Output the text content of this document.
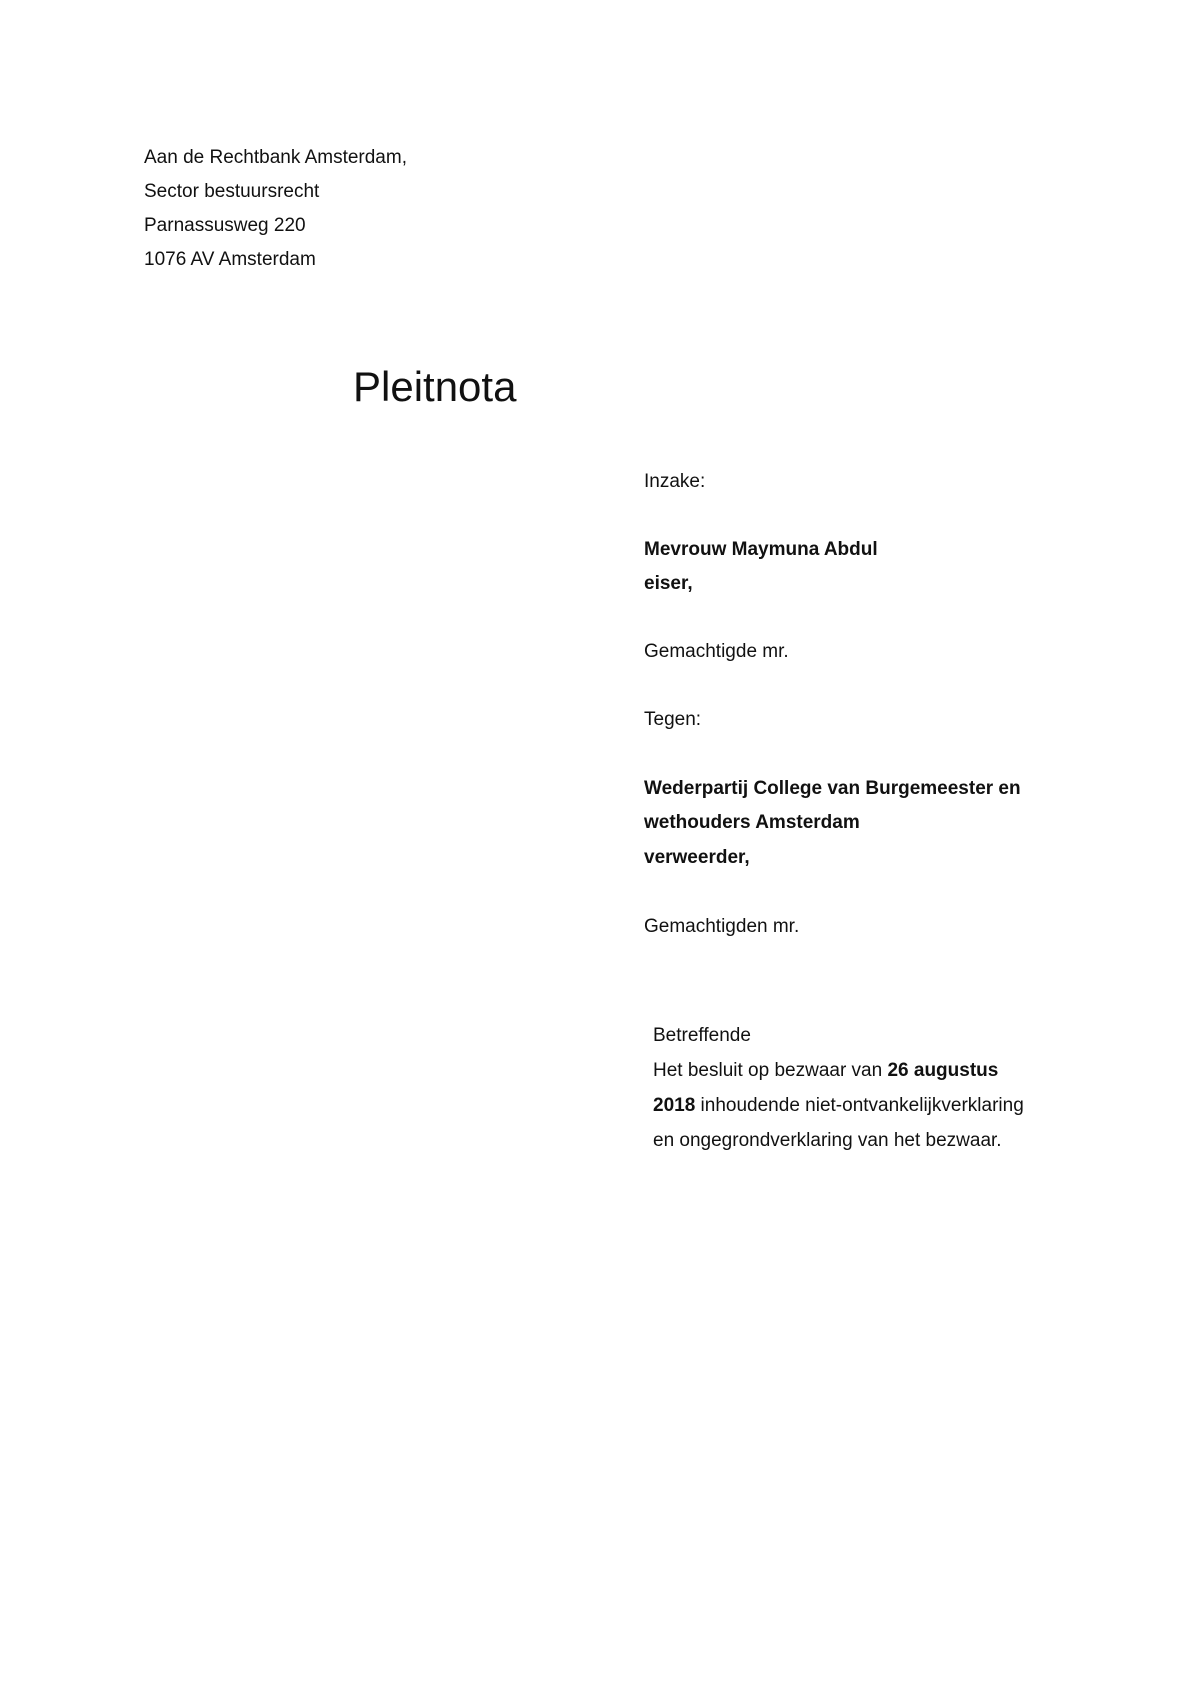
Aan de Rechtbank Amsterdam,
Sector bestuursrecht
Parnassusweg 220
1076 AV Amsterdam
Pleitnota
Inzake:
Mevrouw Maymuna Abdul
eiser,
Gemachtigde mr.
Tegen:
Wederpartij College van Burgemeester en
wethouders Amsterdam
verweerder,
Gemachtigden mr.
Betreffende
Het besluit op bezwaar van 26 augustus
2018 inhoudende niet-ontvankelijkverklaring
en ongegrondverklaring van het bezwaar.
